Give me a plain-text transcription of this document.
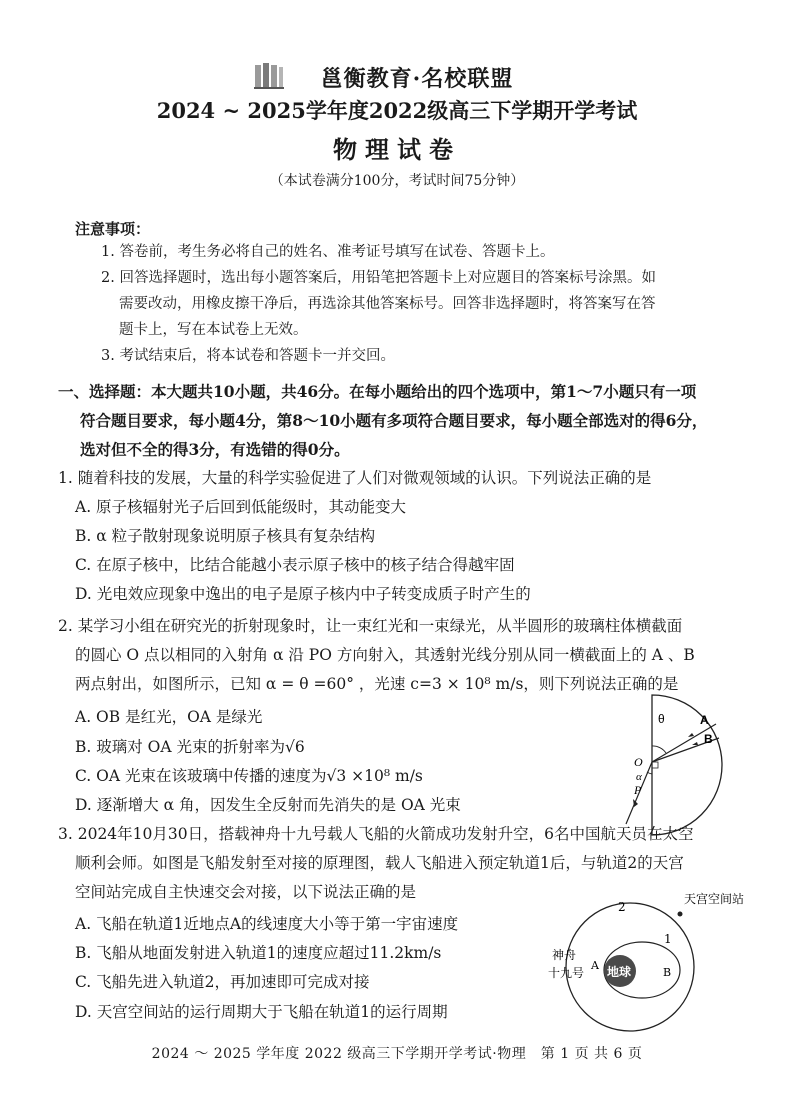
邕衡教育·名校联盟
2024 ~ 2025学年度2022级高三下学期开学考试
物理试卷
（本试卷满分100分，考试时间75分钟）
注意事项：
1. 答卷前，考生务必将自己的姓名、准考证号填写在试卷、答题卡上。
2. 回答选择题时，选出每小题答案后，用铅笔把答题卡上对应题目的答案标号涂黑。如
需要改动，用橡皮擦干净后，再选涂其他答案标号。回答非选择题时，将答案写在答
题卡上，写在本试卷上无效。
3. 考试结束后，将本试卷和答题卡一并交回。
一、选择题：本大题共10小题，共46分。在每小题给出的四个选项中，第1～7小题只有一项
符合题目要求，每小题4分，第8～10小题有多项符合题目要求，每小题全部选对的得6分，
选对但不全的得3分，有选错的得0分。
1. 随着科技的发展，大量的科学实验促进了人们对微观领域的认识。下列说法正确的是
A. 原子核辐射光子后回到低能级时，其动能变大
B. α 粒子散射现象说明原子核具有复杂结构
C. 在原子核中，比结合能越小表示原子核中的核子结合得越牢固
D. 光电效应现象中逸出的电子是原子核内中子转变成质子时产生的
2. 某学习小组在研究光的折射现象时，让一束红光和一束绿光，从半圆形的玻璃柱体横截面
的圆心 O 点以相同的入射角 α 沿 PO 方向射入，其透射光线分别从同一横截面上的 A 、B
两点射出，如图所示，已知 α = θ =60° ，光速 c=3 × 10⁸ m/s，则下列说法正确的是
A. OB 是红光，OA 是绿光
B. 玻璃对 OA 光束的折射率为√6
C. OA 光束在该玻璃中传播的速度为√3 ×10⁸ m/s
D. 逐渐增大 α 角，因发生全反射而先消失的是 OA 光束
θ	A
B
O
α
P
3. 2024年10月30日，搭载神舟十九号载人飞船的火箭成功发射升空，6名中国航天员在太空
顺利会师。如图是飞船发射至对接的原理图，载人飞船进入预定轨道1后，与轨道2的天宫
空间站完成自主快速交会对接，以下说法正确的是
A. 飞船在轨道1近地点A的线速度大小等于第一宇宙速度
B. 飞船从地面发射进入轨道1的速度应超过11.2km/s
C. 飞船先进入轨道2，再加速即可完成对接
D. 天宫空间站的运行周期大于飞船在轨道1的运行周期
天宫空间站
2
1
地球
神舟
十九号
A
B
2024 ～ 2025 学年度 2022 级高三下学期开学考试·物理　第 1 页 共 6 页
